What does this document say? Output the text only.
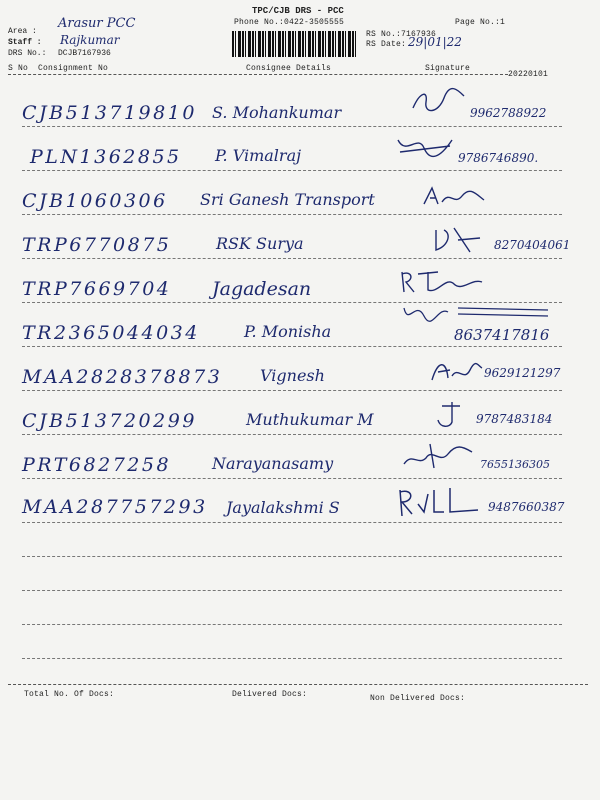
TPC/CJB DRS - PCC
Phone No.:0422-3505555	Page No.:1
Area :
Arasur PCC
Staff : Rajkumar
DRS No.: DCJB7167936
RS No.:7167936
RS Date: 29|01|22
S No Consignment No	Consignee Details	Signature
20220101
CJB513719810 S. Mohankumar	9962788922
PLN1362855 P. Vimalraj	9786746890.
CJB1060306 Sri Ganesh Transport
TRP6770875	RSK Surya	8270404061
TRP7669704 Jagadesan
TR2365044034	P. Monisha	8637417816
MAA2828378873 Vignesh	9629121297
CJB513720299	Muthukumar M	9787483184
PRT6827258	Narayanasamy	7655136305
MAA287757293 Jayalakshmi S	9487660387
Total No. Of Docs:	Delivered Docs:	Non Delivered Docs:
